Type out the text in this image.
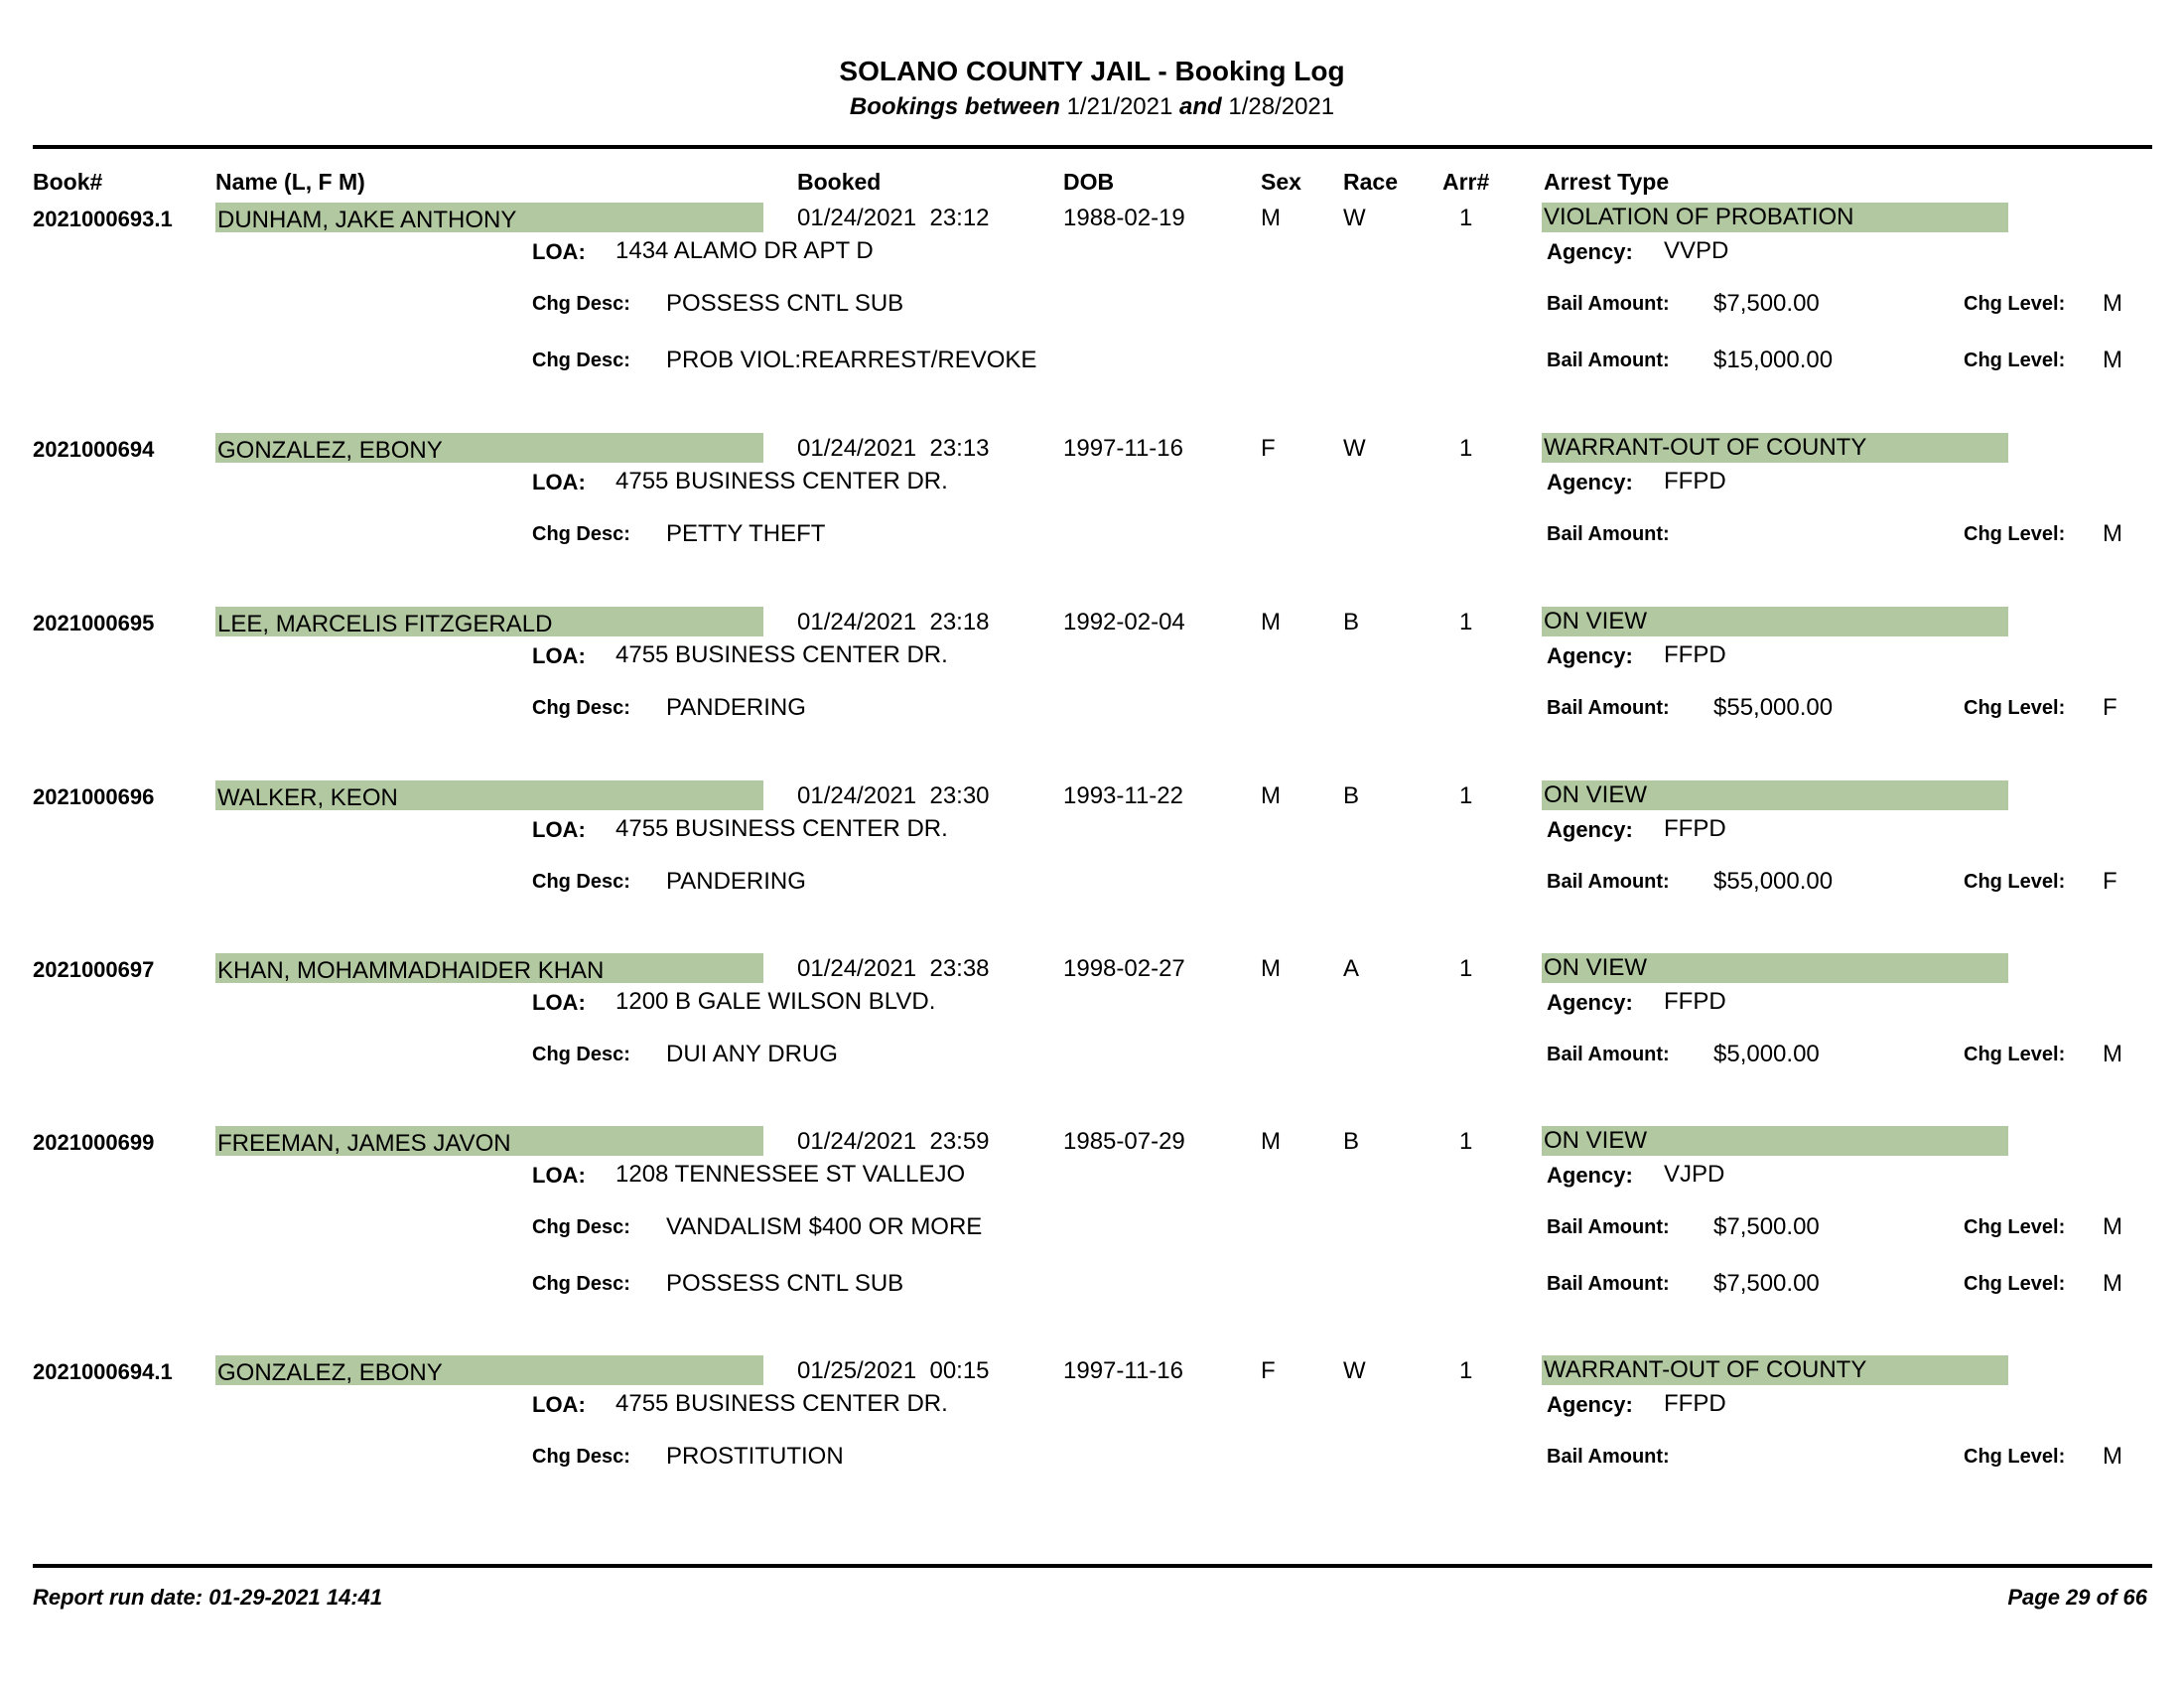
SOLANO COUNTY JAIL - Booking Log
Bookings between 1/21/2021 and 1/28/2021
Book#	Name (L, F M)	Booked	DOB	Sex Race Arr# Arrest Type
2021000693.1 DUNHAM, JAKE ANTHONY	01/24/2021 23:12	1988-02-19	M	W	1	VIOLATION OF PROBATION
LOA: 1434 ALAMO DR APT D	Agency: VVPD
Chg Desc: POSSESS CNTL SUB	Bail Amount: $7,500.00	Chg Level: M
Chg Desc: PROB VIOL:REARREST/REVOKE	Bail Amount: $15,000.00	Chg Level: M
2021000694	GONZALEZ, EBONY	01/24/2021 23:13	1997-11-16	F	W	1	WARRANT-OUT OF COUNTY
LOA: 4755 BUSINESS CENTER DR.	Agency: FFPD
Chg Desc: PETTY THEFT	Bail Amount:	Chg Level: M
2021000695	LEE, MARCELIS FITZGERALD	01/24/2021 23:18	1992-02-04	M	B	1	ON VIEW
LOA: 4755 BUSINESS CENTER DR.	Agency: FFPD
Chg Desc: PANDERING	Bail Amount: $55,000.00	Chg Level: F
2021000696	WALKER, KEON	01/24/2021 23:30	1993-11-22	M	B	1	ON VIEW
LOA: 4755 BUSINESS CENTER DR.	Agency: FFPD
Chg Desc: PANDERING	Bail Amount: $55,000.00	Chg Level: F
2021000697	KHAN, MOHAMMADHAIDER KHAN	01/24/2021 23:38	1998-02-27	M	A	1	ON VIEW
LOA: 1200 B GALE WILSON BLVD.	Agency: FFPD
Chg Desc: DUI ANY DRUG	Bail Amount: $5,000.00	Chg Level: M
2021000699	FREEMAN, JAMES JAVON	01/24/2021 23:59	1985-07-29	M	B	1	ON VIEW
LOA: 1208 TENNESSEE ST VALLEJO	Agency: VJPD
Chg Desc: VANDALISM $400 OR MORE	Bail Amount: $7,500.00	Chg Level: M
Chg Desc: POSSESS CNTL SUB	Bail Amount: $7,500.00	Chg Level: M
2021000694.1 GONZALEZ, EBONY	01/25/2021 00:15	1997-11-16	F	W	1	WARRANT-OUT OF COUNTY
LOA: 4755 BUSINESS CENTER DR.	Agency: FFPD
Chg Desc: PROSTITUTION	Bail Amount:	Chg Level: M
Report run date: 01-29-2021 14:41	Page 29 of 66
